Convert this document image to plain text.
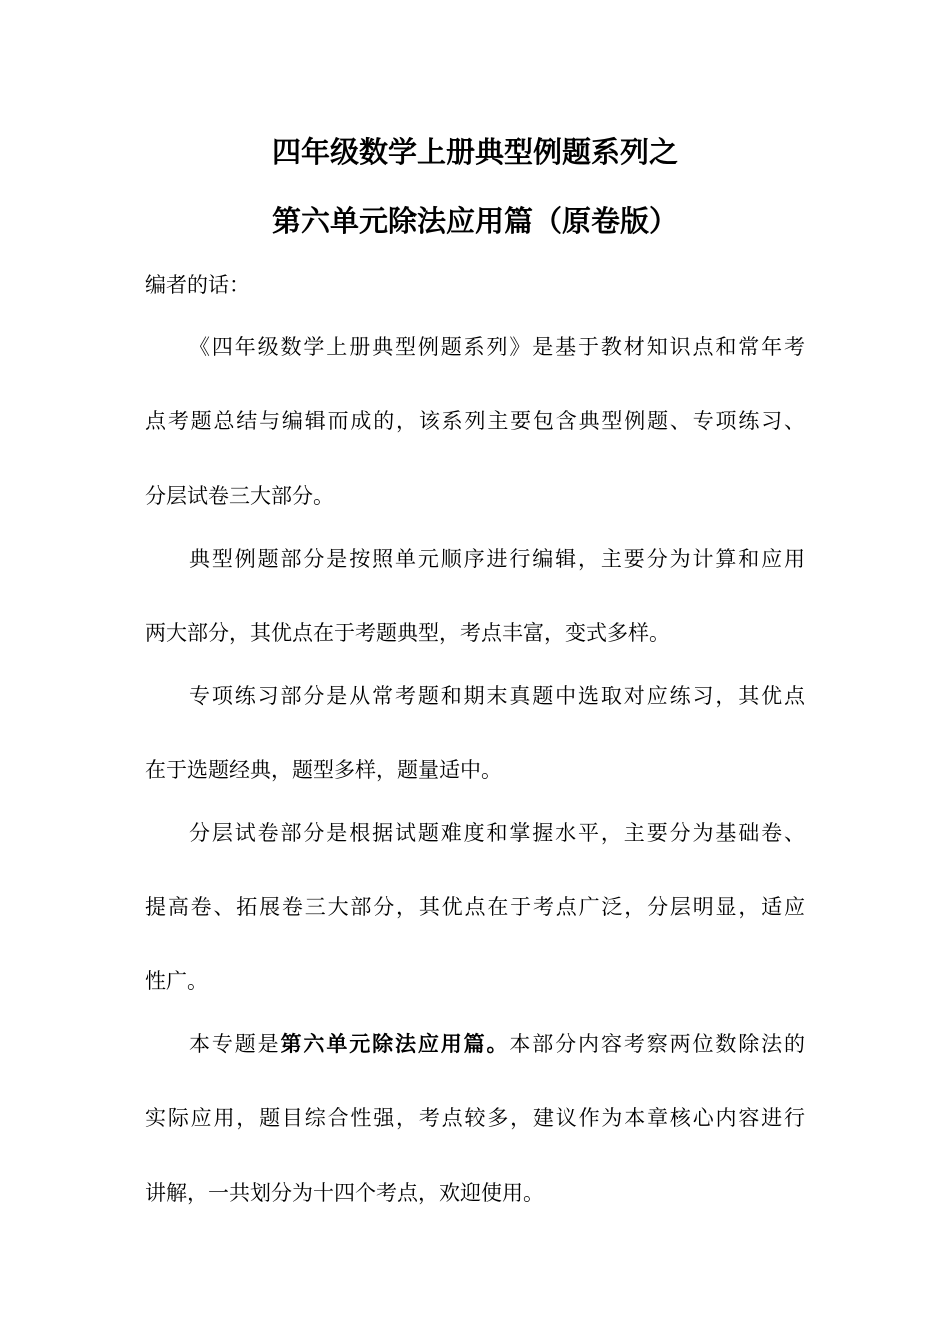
四年级数学上册典型例题系列之
第六单元除法应用篇（原卷版）
编者的话：
《四年级数学上册典型例题系列》是基于教材知识点和常年考
点考题总结与编辑而成的，该系列主要包含典型例题、专项练习、
分层试卷三大部分。
典型例题部分是按照单元顺序进行编辑，主要分为计算和应用
两大部分，其优点在于考题典型，考点丰富，变式多样。
专项练习部分是从常考题和期末真题中选取对应练习，其优点
在于选题经典，题型多样，题量适中。
分层试卷部分是根据试题难度和掌握水平，主要分为基础卷、
提高卷、拓展卷三大部分，其优点在于考点广泛，分层明显，适应
性广。
本专题是第六单元除法应用篇。本部分内容考察两位数除法的
实际应用，题目综合性强，考点较多，建议作为本章核心内容进行
讲解，一共划分为十四个考点，欢迎使用。
